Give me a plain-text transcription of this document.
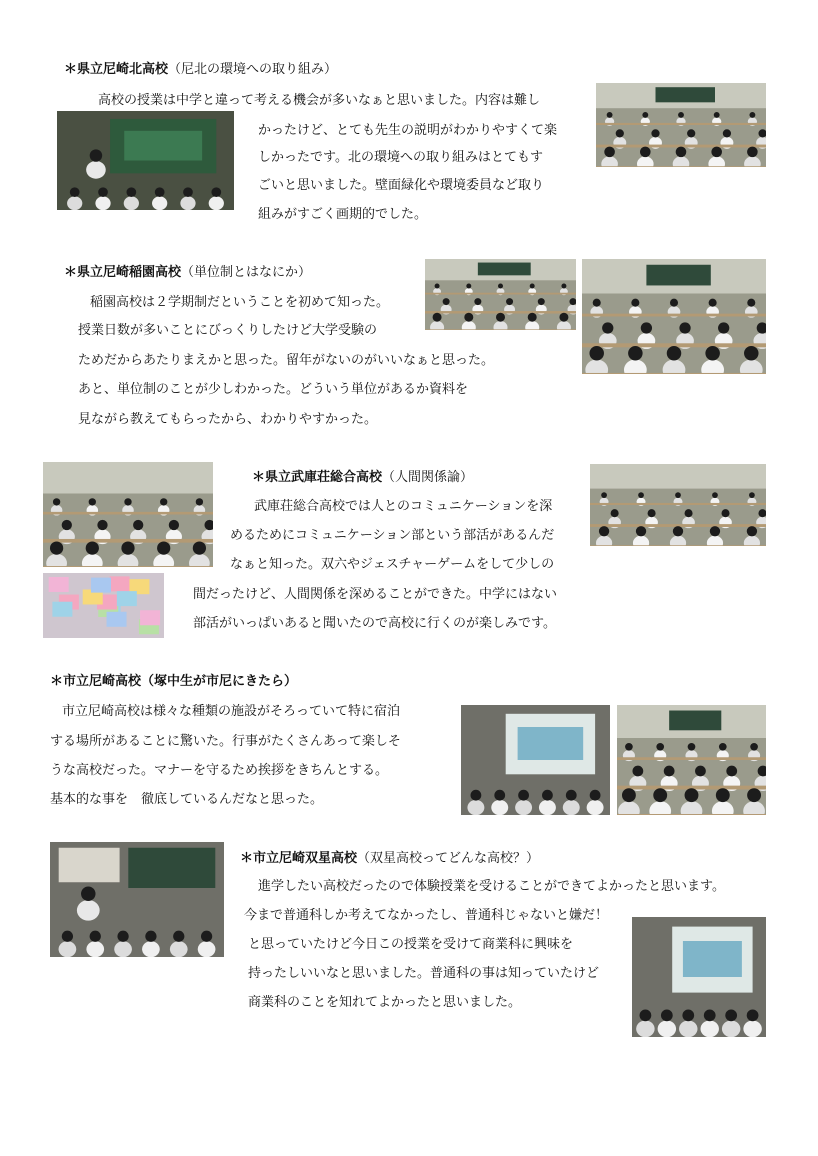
＊県立尼崎北高校（尼北の環境への取り組み）
高校の授業は中学と違って考える機会が多いなぁと思いました。内容は難し
かったけど、とても先生の説明がわかりやすくて楽
しかったです。北の環境への取り組みはとてもす
ごいと思いました。壁面緑化や環境委員など取り
組みがすごく画期的でした。
＊県立尼崎稲園高校（単位制とはなにか）
稲園高校は２学期制だということを初めて知った。
授業日数が多いことにびっくりしたけど大学受験の
ためだからあたりまえかと思った。留年がないのがいいなぁと思った。
あと、単位制のことが少しわかった。どういう単位があるか資料を
見ながら教えてもらったから、わかりやすかった。
＊県立武庫荘総合高校（人間関係論）
武庫荘総合高校では人とのコミュニケーションを深
めるためにコミュニケーション部という部活があるんだ
なぁと知った。双六やジェスチャーゲームをして少しの
間だったけど、人間関係を深めることができた。中学にはない
部活がいっぱいあると聞いたので高校に行くのが楽しみです。
＊市立尼崎高校（塚中生が市尼にきたら）
市立尼崎高校は様々な種類の施設がそろっていて特に宿泊
する場所があることに驚いた。行事がたくさんあって楽しそ
うな高校だった。マナーを守るため挨拶をきちんとする。
基本的な事を　徹底しているんだなと思った。
＊市立尼崎双星高校（双星高校ってどんな高校？）
進学したい高校だったので体験授業を受けることができてよかったと思います。
今まで普通科しか考えてなかったし、普通科じゃないと嫌だ！
と思っていたけど今日この授業を受けて商業科に興味を
持ったしいいなと思いました。普通科の事は知っていたけど
商業科のことを知れてよかったと思いました。
